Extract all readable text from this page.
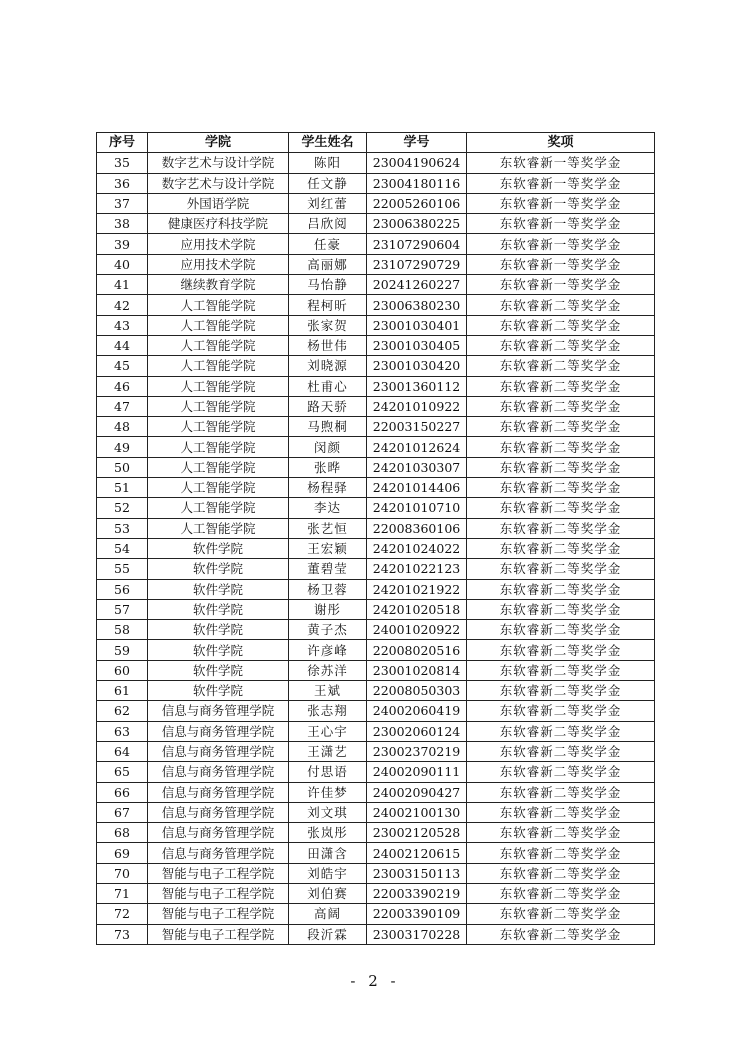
序号	学院	学生姓名	学号	奖项
35	数字艺术与设计学院	陈阳	23004190624	东软睿新一等奖学金
36	数字艺术与设计学院	任文静	23004180116	东软睿新一等奖学金
37	外国语学院	刘红蕾	22005260106	东软睿新一等奖学金
38	健康医疗科技学院	吕欣阅	23006380225	东软睿新一等奖学金
39	应用技术学院	任豪	23107290604	东软睿新一等奖学金
40	应用技术学院	高丽娜	23107290729	东软睿新一等奖学金
41	继续教育学院	马怡静	20241260227	东软睿新一等奖学金
42	人工智能学院	程柯昕	23006380230	东软睿新二等奖学金
43	人工智能学院	张家贺	23001030401	东软睿新二等奖学金
44	人工智能学院	杨世伟	23001030405	东软睿新二等奖学金
45	人工智能学院	刘晓源	23001030420	东软睿新二等奖学金
46	人工智能学院	杜甫心	23001360112	东软睿新二等奖学金
47	人工智能学院	路天骄	24201010922	东软睿新二等奖学金
48	人工智能学院	马煦桐	22003150227	东软睿新二等奖学金
49	人工智能学院	闵颜	24201012624	东软睿新二等奖学金
50	人工智能学院	张晔	24201030307	东软睿新二等奖学金
51	人工智能学院	杨程驿	24201014406	东软睿新二等奖学金
52	人工智能学院	李达	24201010710	东软睿新二等奖学金
53	人工智能学院	张艺恒	22008360106	东软睿新二等奖学金
54	软件学院	王宏颖	24201024022	东软睿新二等奖学金
55	软件学院	董碧莹	24201022123	东软睿新二等奖学金
56	软件学院	杨卫蓉	24201021922	东软睿新二等奖学金
57	软件学院	谢彤	24201020518	东软睿新二等奖学金
58	软件学院	黄子杰	24001020922	东软睿新二等奖学金
59	软件学院	许彦峰	22008020516	东软睿新二等奖学金
60	软件学院	徐苏洋	23001020814	东软睿新二等奖学金
61	软件学院	王斌	22008050303	东软睿新二等奖学金
62	信息与商务管理学院	张志翔	24002060419	东软睿新二等奖学金
63	信息与商务管理学院	王心宇	23002060124	东软睿新二等奖学金
64	信息与商务管理学院	王潇艺	23002370219	东软睿新二等奖学金
65	信息与商务管理学院	付思语	24002090111	东软睿新二等奖学金
66	信息与商务管理学院	许佳梦	24002090427	东软睿新二等奖学金
67	信息与商务管理学院	刘文琪	24002100130	东软睿新二等奖学金
68	信息与商务管理学院	张岚彤	23002120528	东软睿新二等奖学金
69	信息与商务管理学院	田潇含	24002120615	东软睿新二等奖学金
70	智能与电子工程学院	刘皓宇	23003150113	东软睿新二等奖学金
71	智能与电子工程学院	刘伯赛	22003390219	东软睿新二等奖学金
72	智能与电子工程学院	高阔	22003390109	东软睿新二等奖学金
73	智能与电子工程学院	段沂霖	23003170228	东软睿新二等奖学金
- 2 -
